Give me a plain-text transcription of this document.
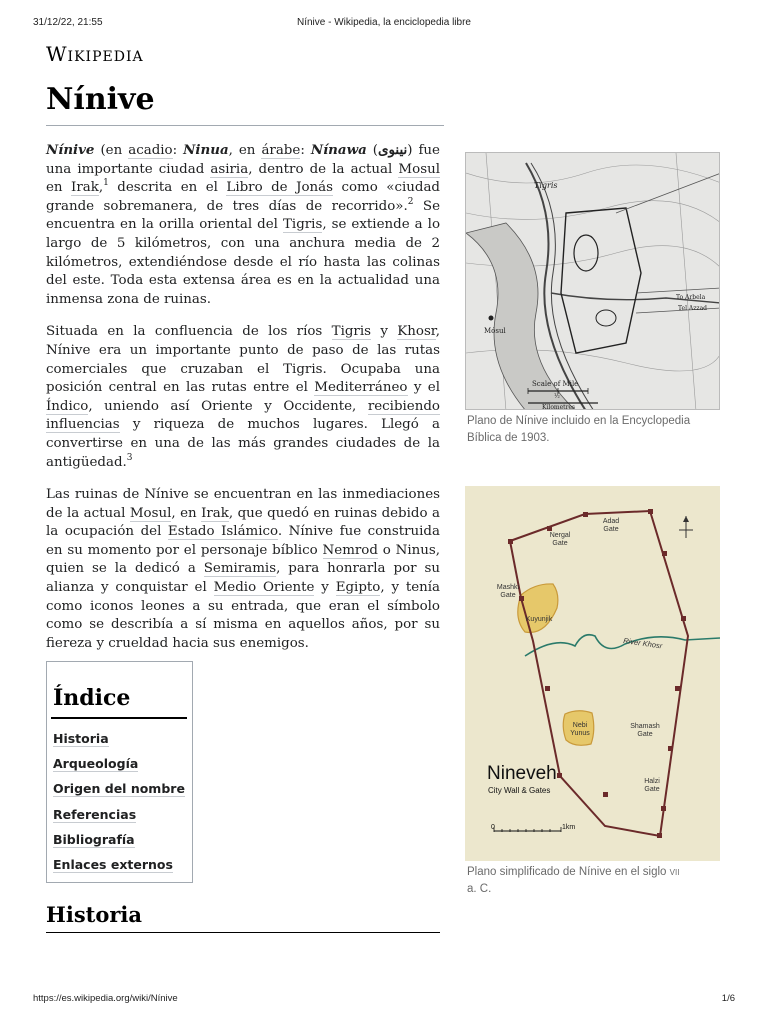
31/12/22, 21:55	Nínive - Wikipedia, la enciclopedia libre
Wikipedia
Nínive

Nínive (en acadio: Ninua, en árabe: Nínawa (نينوى) fue una importante ciudad asiria, dentro de la actual Mosul en Irak,$^1$ descrita en el Libro de Jonás como «ciudad grande sobremanera, de tres días de recorrido».$^2$ Se encuentra en la orilla oriental del Tigris, se extiende a lo largo de 5 kilómetros, con una anchura media de 2 kilómetros, extendiéndose desde el río hasta las colinas del este. Toda esta extensa área es en la actualidad una inmensa zona de ruinas.

Situada en la confluencia de los ríos Tigris y Khosr, Nínive era un importante punto de paso de las rutas comerciales que cruzaban el Tigris. Ocupaba una posición central en las rutas entre el Mediterráneo y el Índico, uniendo así Oriente y Occidente, recibiendo influencias y riqueza de muchos lugares. Llegó a convertirse en una de las más grandes ciudades de la antigüedad.$^3$

Las ruinas de Nínive se encuentran en las inmediaciones de la actual Mosul, en Irak, que quedó en ruinas debido a la ocupación del Estado Islámico. Nínive fue construida en su momento por el personaje bíblico Nemrod o Ninus, quien se la dedicó a Semiramis, para honrarla por su alianza y conquistar el Medio Oriente y Egipto, y tenía como iconos leones a su entrada, que eran el símbolo como se describía a sí misma en aquellos años, por su fiereza y crueldad hacia sus enemigos.

Índice
Historia
Arqueología
Origen del nombre
Referencias
Bibliografía
Enlaces externos
Historia
Tigris
Mósul
To Arbela
Tel Azzad
Scale of Mile
½
Kilometres
Plano de Nínive incluido en la Encyclopedia Bíblica de 1903.
Adad
Gate
Nergal
Gate
Mashki
Gate
Shamash
Gate
Halzi
Gate
Kuyunjik
Nebi
Yunus
River Khosr
Nineveh
City Wall & Gates
0	1km
Plano simplificado de Nínive en el siglo vii a. C.
https://es.wikipedia.org/wiki/Nínive	1/6
